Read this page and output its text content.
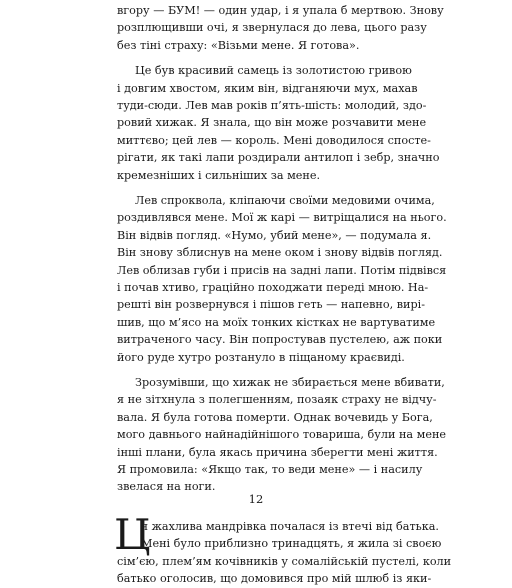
вгору — БУМ! — один удар, і я упала б мертвою. Знову
розплющивши очі, я звернулася до лева, цього разу
без тіні страху: «Візьми мене. Я готова».
Це був красивий самець із золотистою гривою
і довгим хвостом, яким він, відганяючи мух, махав
туди-сюди. Лев мав років п’ять-шість: молодий, здо-
ровий хижак. Я знала, що він може розчавити мене
миттєво; цей лев — король. Мені доводилося спосте-
рігати, як такі лапи роздирали антилоп і зебр, значно
кремезніших і сильніших за мене.
Лев спроквола, кліпаючи своїми медовими очима,
роздивлявся мене. Мої ж карі — витріщалися на нього.
Він відвів погляд. «Нумо, убий мене», — подумала я.
Він знову зблиснув на мене оком і знову відвів погляд.
Лев облизав губи і присів на задні лапи. Потім підвівся
і почав хтиво, граційно походжати переді мною. На-
решті він розвернувся і пішов геть — напевно, вирі-
шив, що м’ясо на моїх тонких кістках не вартуватиме
витраченого часу. Він попростував пустелею, аж поки
його руде хутро розтануло в піщаному краєвиді.
Зрозумівши, що хижак не збирається мене вбивати,
я не зітхнула з полегшенням, позаяк страху не відчу-
вала. Я була готова померти. Однак вочевидь у Бога,
мого давнього найнадійнішого товариша, були на мене
інші плани, була якась причина зберегти мені життя.
Я промовила: «Якщо так, то веди мене» — і насилу
звелася на ноги.
Ц
я жахлива мандрівка почалася із втечі від батька.
Мені було приблизно тринадцять, я жила зі своєю
сім’єю, плем’ям кочівників у сомалійській пустелі, коли
батько оголосив, що домовився про мій шлюб із яки-
12
